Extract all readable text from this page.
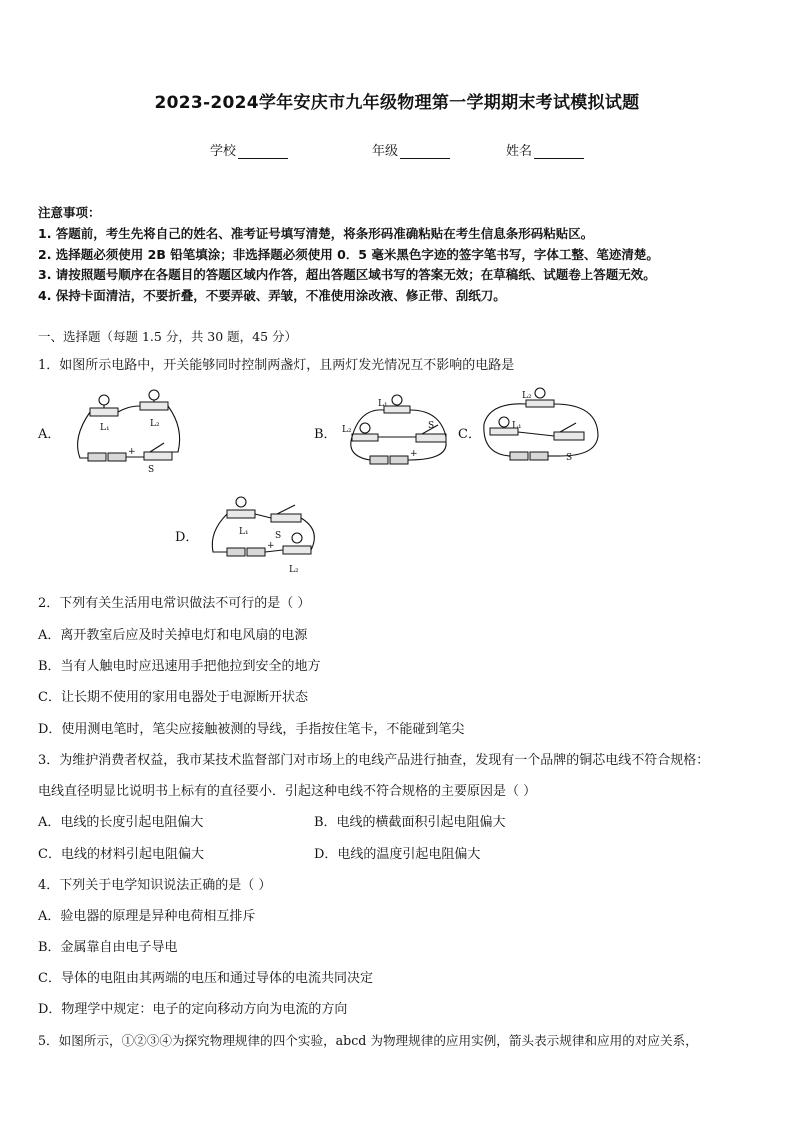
2023-2024学年安庆市九年级物理第一学期期末考试模拟试题
学校	年级	姓名
注意事项：
1. 答题前，考生先将自己的姓名、准考证号填写清楚，将条形码准确粘贴在考生信息条形码粘贴区。
2. 选择题必须使用 2B 铅笔填涂；非选择题必须使用 0．5 毫米黑色字迹的签字笔书写，字体工整、笔迹清楚。
3. 请按照题号顺序在各题目的答题区域内作答，超出答题区域书写的答案无效；在草稿纸、试题卷上答题无效。
4. 保持卡面清洁，不要折叠，不要弄破、弄皱，不准使用涂改液、修正带、刮纸刀。
一、选择题（每题 1.5 分，共 30 题，45 分）
1．如图所示电路中，开关能够同时控制两盏灯，且两灯发光情况互不影响的电路是
A．	B．	C．
D．
L₁	L₂
S
+
L₁
L₂	S
+
L₂
L₁
S
L₁	S
L₂
+
2．下列有关生活用电常识做法不可行的是（ ）
A．离开教室后应及时关掉电灯和电风扇的电源
B．当有人触电时应迅速用手把他拉到安全的地方
C．让长期不使用的家用电器处于电源断开状态
D．使用测电笔时，笔尖应接触被测的导线，手指按住笔卡，不能碰到笔尖
3．为维护消费者权益，我市某技术监督部门对市场上的电线产品进行抽查，发现有一个品牌的铜芯电线不符合规格：
电线直径明显比说明书上标有的直径要小．引起这种电线不符合规格的主要原因是（ ）
A．电线的长度引起电阻偏大	B．电线的横截面积引起电阻偏大
C．电线的材料引起电阻偏大	D．电线的温度引起电阻偏大
4．下列关于电学知识说法正确的是（ ）
A．验电器的原理是异种电荷相互排斥
B．金属靠自由电子导电
C．导体的电阻由其两端的电压和通过导体的电流共同决定
D．物理学中规定：电子的定向移动方向为电流的方向
5．如图所示，①②③④为探究物理规律的四个实验，abcd 为物理规律的应用实例，箭头表示规律和应用的对应关系，
